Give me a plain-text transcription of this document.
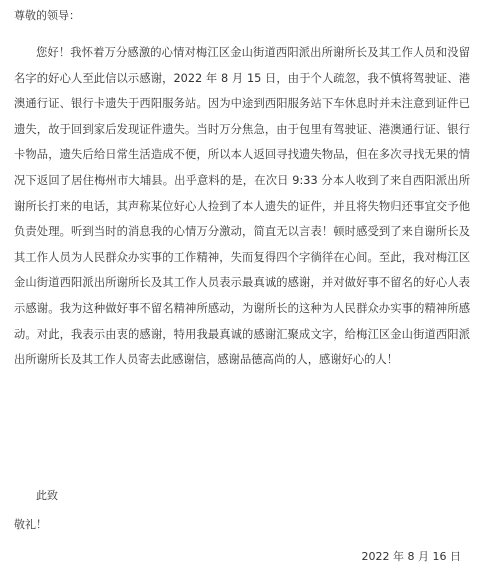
尊敬的领导：

您好！我怀着万分感激的心情对梅江区金山街道西阳派出所谢所长及其工作人员和没留名字的好心人至此信以示感谢，2022 年 8 月 15 日，由于个人疏忽，我不慎将驾驶证、港澳通行证、银行卡遗失于西阳服务站。因为中途到西阳服务站下车休息时并未注意到证件已遗失，故于回到家后发现证件遗失。当时万分焦急，由于包里有驾驶证、港澳通行证、银行卡物品，遗失后给日常生活造成不便，所以本人返回寻找遗失物品，但在多次寻找无果的情况下返回了居住梅州市大埔县。出乎意料的是，在次日 9:33 分本人收到了来自西阳派出所谢所长打来的电话，其声称某位好心人捡到了本人遗失的证件，并且将失物归还事宜交予他负责处理。听到当时的消息我的心情万分激动，简直无以言表！顿时感受到了来自谢所长及其工作人员为人民群众办实事的工作精神，失而复得四个字徜徉在心间。至此，我对梅江区金山街道西阳派出所谢所长及其工作人员表示最真诚的感谢，并对做好事不留名的好心人表示感谢。我为这种做好事不留名精神所感动，为谢所长的这种为人民群众办实事的精神所感动。对此，我表示由衷的感谢，特用我最真诚的感谢汇聚成文字，给梅江区金山街道西阳派出所谢所长及其工作人员寄去此感谢信，感谢品德高尚的人，感谢好心的人！

此致
敬礼！
2022 年 8 月 16 日
